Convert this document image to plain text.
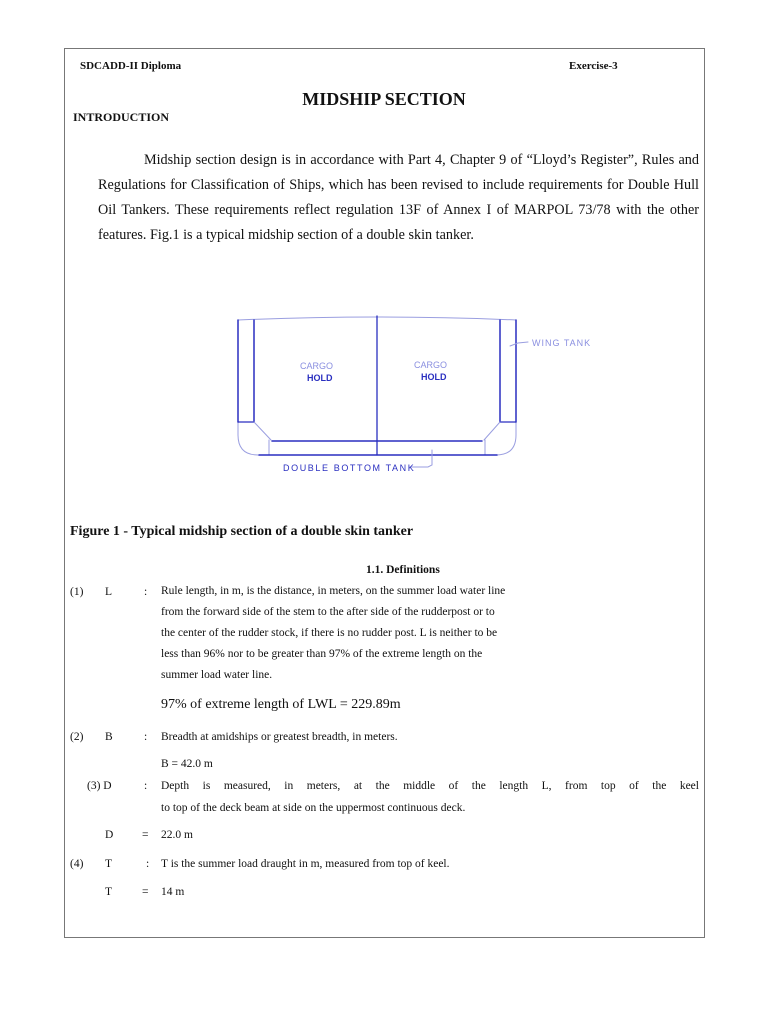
SDCADD-II Diploma	Exercise-3
MIDSHIP SECTION
INTRODUCTION
Midship section design is in accordance with Part 4, Chapter 9 of “Lloyd’s Register”, Rules and Regulations for Classification of Ships, which has been revised to include requirements for Double Hull Oil Tankers. These requirements reflect regulation 13F of Annex I of MARPOL 73/78 with the other features. Fig.1 is a typical midship section of a double skin tanker.
CARGO
HOLD
CARGO
HOLD
WING TANK
DOUBLE BOTTOM TANK
Figure 1 - Typical midship section of a double skin tanker
1.1. Definitions
(1) L	: Rule length, in m, is the distance, in meters, on the summer load water line
from the forward side of the stem to the after side of the rudderpost or to
the center of the rudder stock, if there is no rudder post. L is neither to be
less than 96% nor to be greater than 97% of the extreme length on the
summer load water line.
97% of extreme length of LWL = 229.89m
(2) B	: Breadth at amidships or greatest breadth, in meters.
B = 42.0 m
(3) D	: Depth is measured, in meters, at the middle of the length L, from top of the keel
to top of the deck beam at side on the uppermost continuous deck.
D = 22.0 m
(4) T	: T is the summer load draught in m, measured from top of keel.
T	= 14 m
